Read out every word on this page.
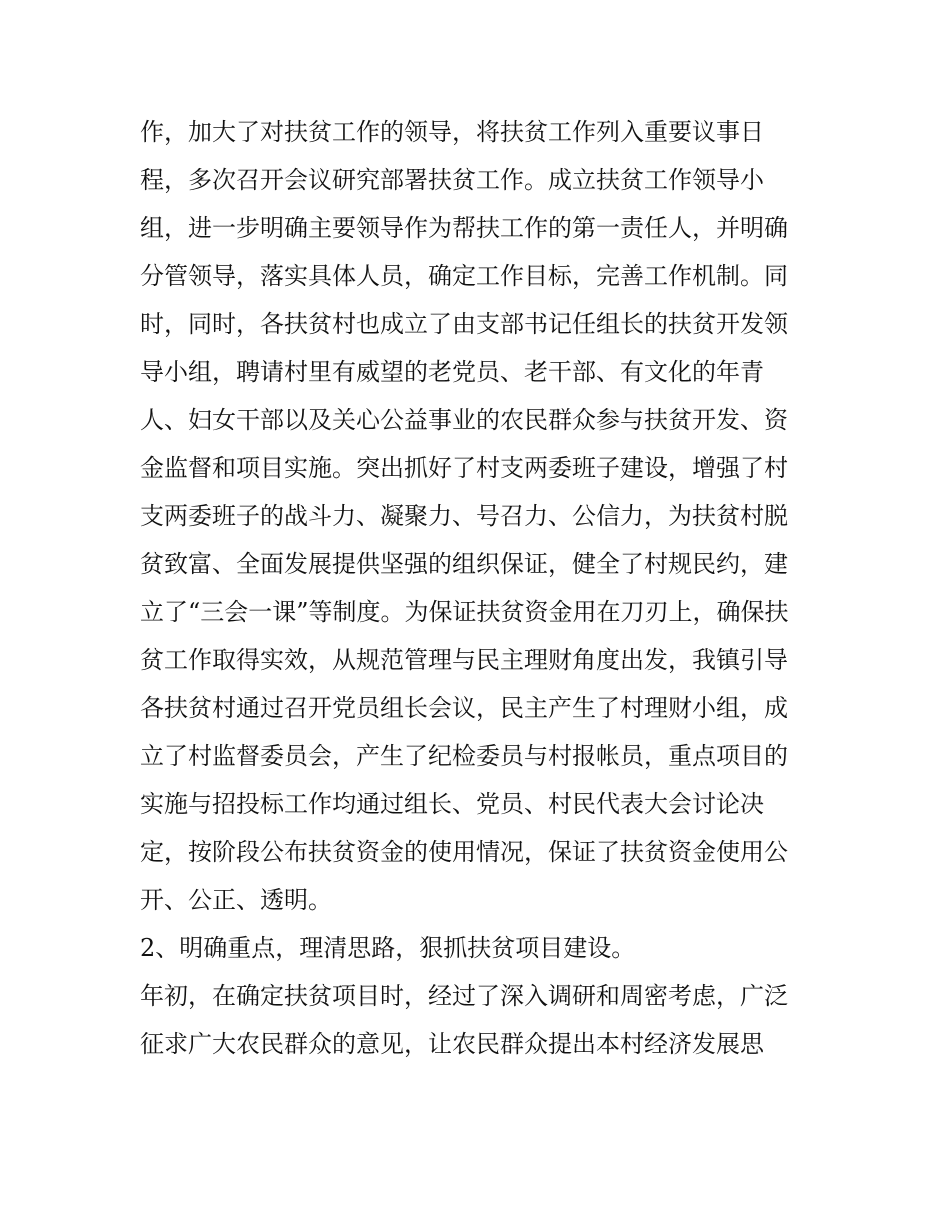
作，加大了对扶贫工作的领导，将扶贫工作列入重要议事日
程，多次召开会议研究部署扶贫工作。成立扶贫工作领导小
组，进一步明确主要领导作为帮扶工作的第一责任人，并明确
分管领导，落实具体人员，确定工作目标，完善工作机制。同
时，同时，各扶贫村也成立了由支部书记任组长的扶贫开发领
导小组，聘请村里有威望的老党员、老干部、有文化的年青
人、妇女干部以及关心公益事业的农民群众参与扶贫开发、资
金监督和项目实施。突出抓好了村支两委班子建设，增强了村
支两委班子的战斗力、凝聚力、号召力、公信力，为扶贫村脱
贫致富、全面发展提供坚强的组织保证，健全了村规民约，建
立了“三会一课”等制度。为保证扶贫资金用在刀刃上，确保扶
贫工作取得实效，从规范管理与民主理财角度出发，我镇引导
各扶贫村通过召开党员组长会议，民主产生了村理财小组，成
立了村监督委员会，产生了纪检委员与村报帐员，重点项目的
实施与招投标工作均通过组长、党员、村民代表大会讨论决
定，按阶段公布扶贫资金的使用情况，保证了扶贫资金使用公
开、公正、透明。
2、明确重点，理清思路，狠抓扶贫项目建设。
年初，在确定扶贫项目时，经过了深入调研和周密考虑，广泛
征求广大农民群众的意见，让农民群众提出本村经济发展思
